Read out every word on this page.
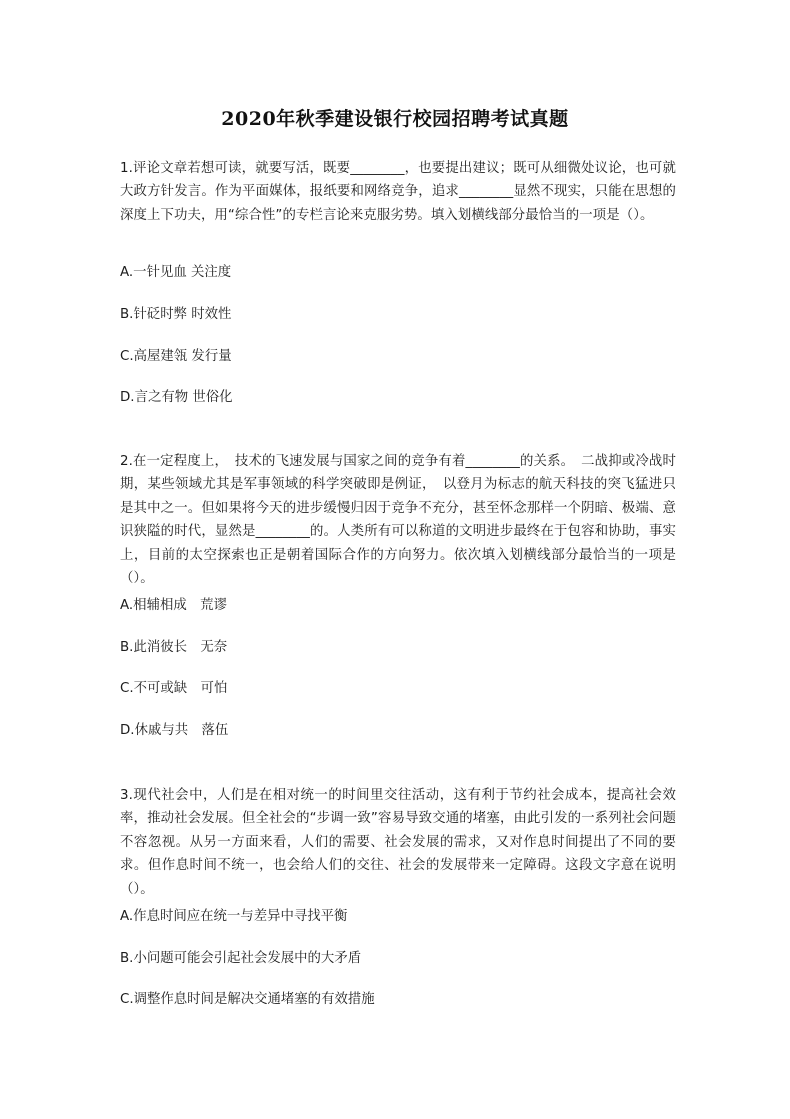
2020年秋季建设银行校园招聘考试真题
1.评论文章若想可读，就要写活，既要________，也要提出建议；既可从细微处议论，也可就大政方针发言。作为平面媒体，报纸要和网络竞争，追求________显然不现实，只能在思想的深度上下功夫，用“综合性”的专栏言论来克服劣势。填入划横线部分最恰当的一项是（）。
A.一针见血 关注度
B.针砭时弊 时效性
C.高屋建瓴 发行量
D.言之有物 世俗化
2.在一定程度上，　技术的飞速发展与国家之间的竞争有着________的关系。　二战抑或冷战时期，某些领域尤其是军事领域的科学突破即是例证，　以登月为标志的航天科技的突飞猛进只是其中之一。但如果将今天的进步缓慢归因于竞争不充分，甚至怀念那样一个阴暗、极端、意识狭隘的时代，显然是________的。人类所有可以称道的文明进步最终在于包容和协助，事实上，目前的太空探索也正是朝着国际合作的方向努力。依次填入划横线部分最恰当的一项是（）。
A.相辅相成　荒谬
B.此消彼长　无奈
C.不可或缺　可怕
D.休戚与共　落伍
3.现代社会中，人们是在相对统一的时间里交往活动，这有利于节约社会成本，提高社会效率，推动社会发展。但全社会的“步调一致”容易导致交通的堵塞，由此引发的一系列社会问题不容忽视。从另一方面来看，人们的需要、社会发展的需求，又对作息时间提出了不同的要求。但作息时间不统一，也会给人们的交往、社会的发展带来一定障碍。这段文字意在说明（）。
A.作息时间应在统一与差异中寻找平衡
B.小问题可能会引起社会发展中的大矛盾
C.调整作息时间是解决交通堵塞的有效措施
